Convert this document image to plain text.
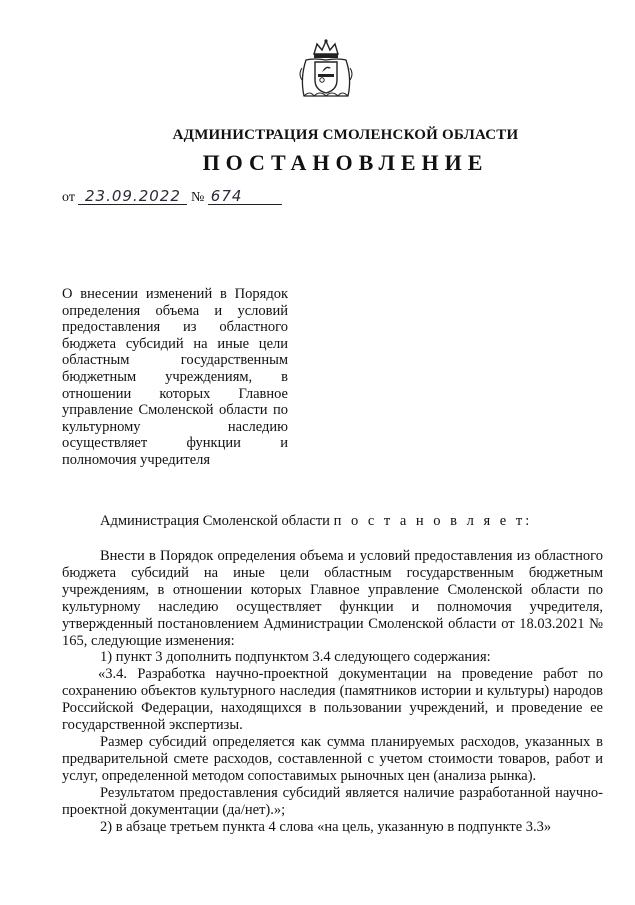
АДМИНИСТРАЦИЯ СМОЛЕНСКОЙ ОБЛАСТИ
ПОСТАНОВЛЕНИЕ
от 23.09.2022 № 674
О внесении изменений в Порядок определения объема и условий предоставления из областного бюджета субсидий на иные цели областным государственным бюджетным учреждениям, в отношении которых Главное управление Смоленской области по культурному наследию осуществляет функции и полномочия учредителя
Администрация Смоленской области п о с т а н о в л я е т:

Внести в Порядок определения объема и условий предоставления из областного бюджета субсидий на иные цели областным государственным бюджетным учреждениям, в отношении которых Главное управление Смоленской области по культурному наследию осуществляет функции и полномочия учредителя, утвержденный постановлением Администрации Смоленской области от 18.03.2021 № 165, следующие изменения:

1) пункт 3 дополнить подпунктом 3.4 следующего содержания:

«3.4. Разработка научно-проектной документации на проведение работ по сохранению объектов культурного наследия (памятников истории и культуры) народов Российской Федерации, находящихся в пользовании учреждений, и проведение ее государственной экспертизы.

Размер субсидий определяется как сумма планируемых расходов, указанных в предварительной смете расходов, составленной с учетом стоимости товаров, работ и услуг, определенной методом сопоставимых рыночных цен (анализа рынка).

Результатом предоставления субсидий является наличие разработанной научно-проектной документации (да/нет).»;

2) в абзаце третьем пункта 4 слова «на цель, указанную в подпункте 3.3»
